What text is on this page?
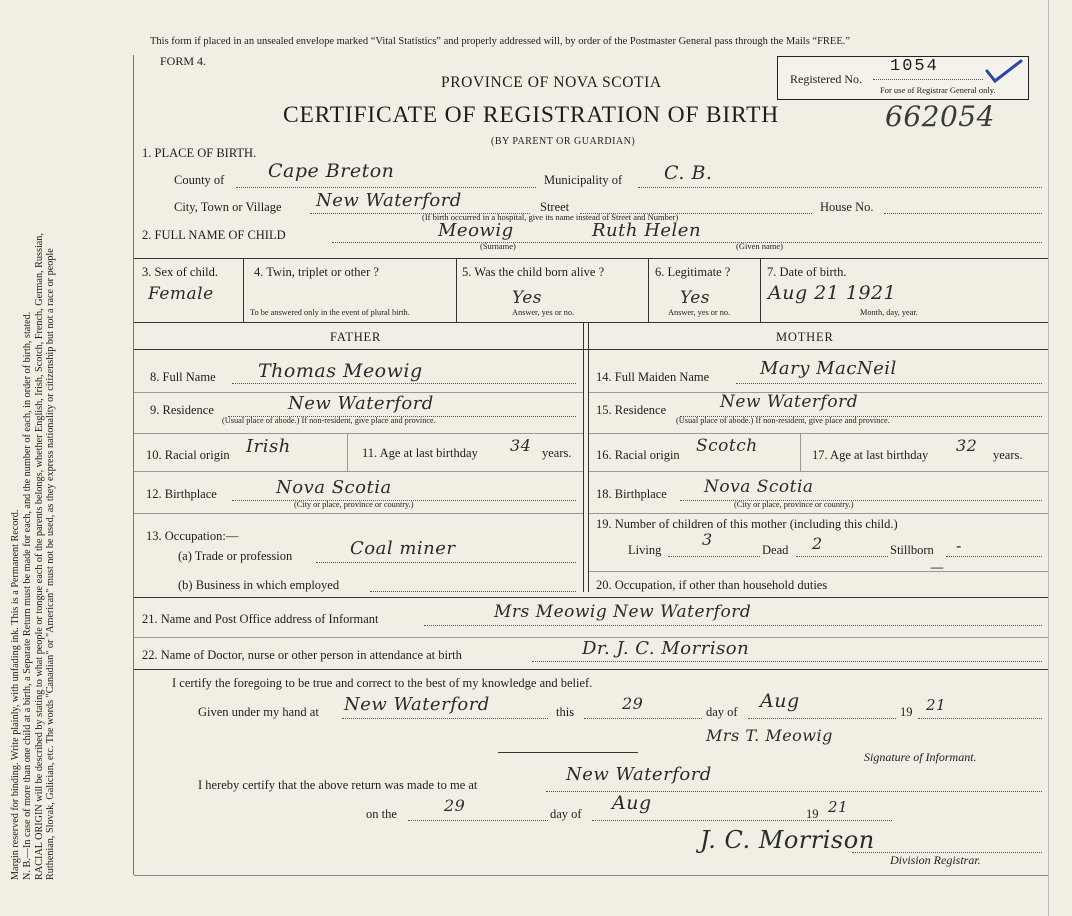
Margin reserved for binding. Write plainly, with unfading ink. This is a Permanent Record. N. B.—In case of more than one child at a birth, a Separate Return must be made for each, and the number of each, in order of birth, stated. RACIAL ORIGIN will be described by stating to what people or tongue each of the parents belongs, whether English, Irish, Scotch, French, German, Russian, Ruthenian, Slovak, Galician, etc. The words "Canadian" or "American" must not be used, as they express nationality or citizenship but not a race or people
This form if placed in an unsealed envelope marked “Vital Statistics” and properly addressed will, by order of the Postmaster General pass through the Mails “FREE.”
FORM 4.
PROVINCE OF NOVA SCOTIA
CERTIFICATE OF REGISTRATION OF BIRTH	662054
(BY PARENT OR GUARDIAN)
Registered No.
1054
For use of Registrar General only.
1. PLACE OF BIRTH.
County of Cape Breton	Municipality of C. B.
City, Town or Village New Waterford	Street	House No.
(If birth occurred in a hospital, give its name instead of Street and Number)
2. FULL NAME OF CHILD	Meowig	Ruth Helen
(Surname)	(Given name)
3. Sex of child.
Female
4. Twin, triplet or other ?
To be answered only in the event of plural birth.
5. Was the child born alive ?
Yes
Answer, yes or no.
6. Legitimate ?
Yes
Answer, yes or no.
7. Date of birth.
Aug 21 1921
Month, day, year.
FATHER	MOTHER
8. Full Name Thomas Meowig
9. Residence	New Waterford
(Usual place of abode.) If non-resident, give place and province.
10. Racial origin Irish	11. Age at last birthday 34 years.
12. Birthplace	Nova Scotia
(City or place, province or country.)
13. Occupation:—
(a) Trade or profession	Coal miner
(b) Business in which employed
14. Full Maiden Name	Mary MacNeil
15. Residence	New Waterford
(Usual place of abode.) If non-resident, give place and province.
16. Racial origin Scotch	17. Age at last birthday 32 years.
18. Birthplace Nova Scotia
(City or place, province or country.)
19. Number of children of this mother (including this child.)
Living
3
Dead 2	Stillborn -
20. Occupation, if other than household duties
—
21. Name and Post Office address of Informant	Mrs Meowig New Waterford
22. Name of Doctor, nurse or other person in attendance at birth	Dr. J. C. Morrison
I certify the foregoing to be true and correct to the best of my knowledge and belief.
Given under my hand at New Waterford	this	29	day of Aug	19 21
Mrs T. Meowig
Signature of Informant.
I hereby certify that the above return was made to me at	New Waterford
on the	29	day of Aug	19 21
J. C. Morrison
Division Registrar.
